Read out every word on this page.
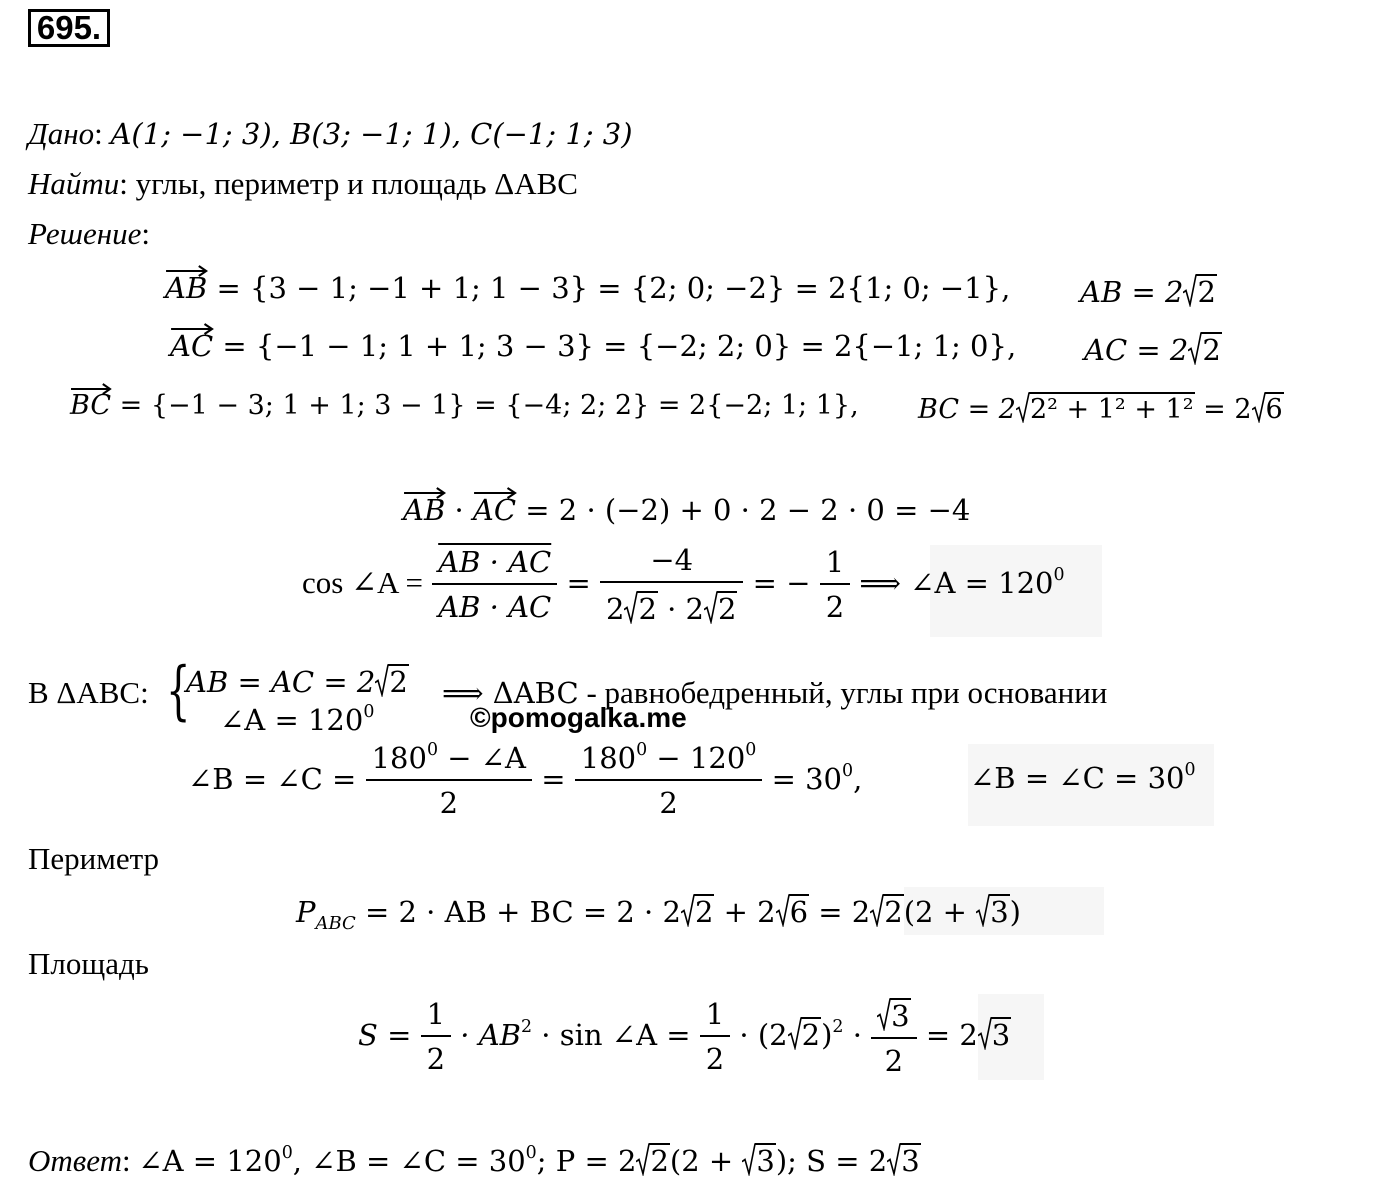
695.
Дано: A(1; −1; 3), B(3; −1; 1), C(−1; 1; 3)
Найти: углы, периметр и площадь ΔABC
Решение:
AB = {3 − 1; −1 + 1; 1 − 3} = {2; 0; −2} = 2{1; 0; −1}, AB = 2 2
AC = {−1 − 1; 1 + 1; 3 − 3} = {−2; 2; 0} = 2{−1; 1; 0}, AC = 2 2
BC = {−1 − 3; 1 + 1; 3 − 1} = {−4; 2; 2} = 2{−2; 1; 1}, BC = 2 2² + 1² + 1² = 2 6
AB · AC = 2 · (−2) + 0 · 2 − 2 · 0 = −4
cos ∠A = $\frac{AB \cdot AC}{AB \cdot AC} = \frac{-4}{2 2 \cdot 2 2}$ = − $\frac{1}{2}$ ⟹ ∠A = $120^0$
В ΔABC: {
AB = AC = 2 2
∠A = $120^0$
⟹ ΔABC - равнобедренный, углы при основании
©pomogalka.me
∠B = ∠C = $\frac{180^0 - \angle A}{2} = \frac{180^0 - 120^0}{2} = 30^0$,	∠B = ∠C = $30^0$
Периметр
$P_{ABC} = 2$ · AB + BC = 2 · 2 2 + 2 6 = 2 2(2 +
3)
Площадь
$S = \frac{1}{2} \cdot AB^2 \cdot \sin$ ∠A = $\frac{1}{2} \cdot (2$ $2)^2 \cdot \frac{3}{2} = 2$ 3
Ответ: ∠A = $120^0$, ∠B = ∠C = $30^0$; P = 2 2(2 +
3); S = 2 3
